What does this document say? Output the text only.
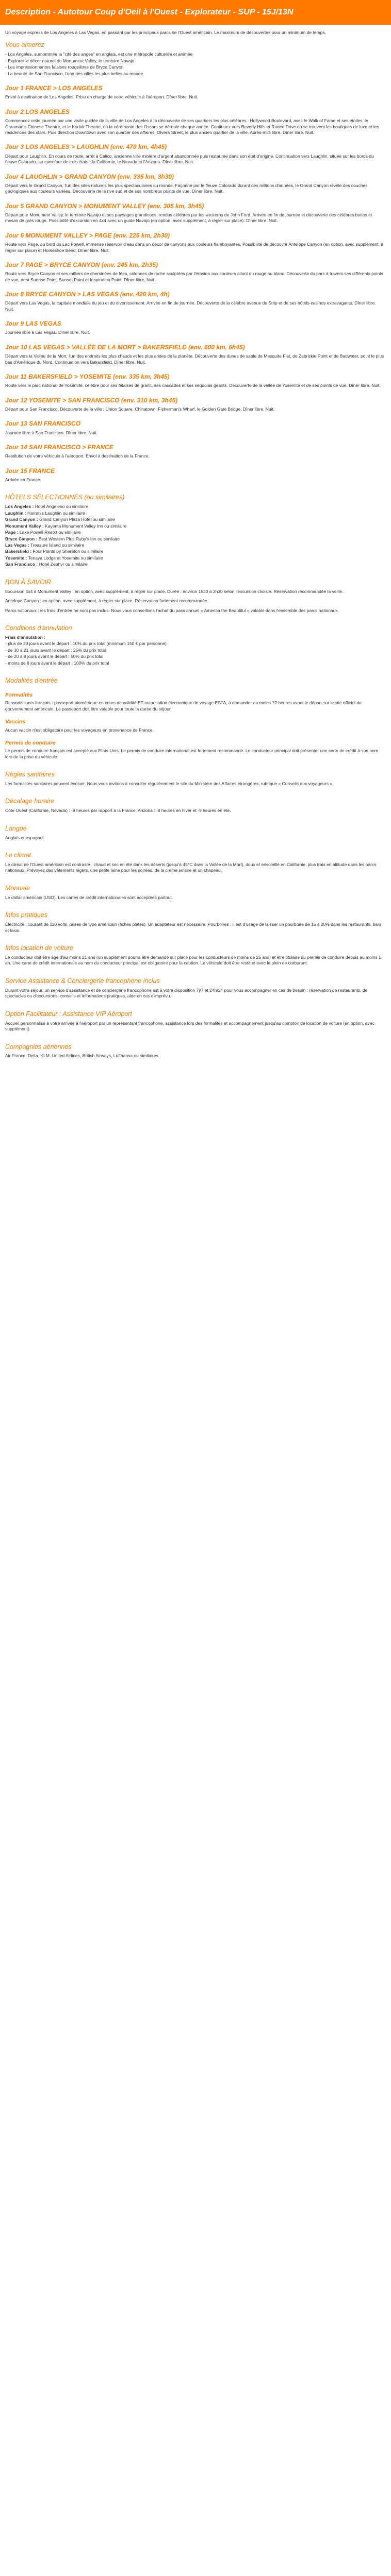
Description - Autotour Coup d'Oeil à l'Ouest - Explorateur - SUP - 15J/13N

Un voyage express de Los Angeles à Las Vegas, en passant par les principaux parcs de l'Ouest américain. Le maximum de découvertes pour un minimum de temps.

Vous aimerez
- Los Angeles, surnommée la "cité des anges" en anglais, est une métropole culturelle et animée
- Explorer le décor naturel du Monument Valley, le territoire Navajo
- Les impressionnantes falaises rougeâtres de Bryce Canyon
- La beauté de San Francisco, l'une des villes les plus belles au monde
Jour 1 FRANCE > LOS ANGELES

Envol à destination de Los Angeles. Prise en charge de votre véhicule à l'aéroport. Dîner libre. Nuit.

Jour 2 LOS ANGELES

Commencez cette journée par une visite guidée de la ville de Los Angeles à la découverte de ses quartiers les plus célèbres : Hollywood Boulevard, avec le Walk of Fame et ses étoiles, le Grauman's Chinese Theatre, et le Kodak Theatre, où la cérémonie des Oscars se déroule chaque année. Continuez vers Beverly Hills et Rodeo Drive où se trouvent les boutiques de luxe et les résidences des stars. Puis direction Downtown avec son quartier des affaires, Olvera Street, le plus ancien quartier de la ville. Après-midi libre. Dîner libre. Nuit.

Jour 3 LOS ANGELES > LAUGHLIN (env. 470 km, 4h45)

Départ pour Laughlin. En cours de route, arrêt à Calico, ancienne ville minière d'argent abandonnée puis restaurée dans son état d'origine. Continuation vers Laughlin, située sur les bords du fleuve Colorado, au carrefour de trois états : la Californie, le Nevada et l'Arizona. Dîner libre. Nuit.

Jour 4 LAUGHLIN > GRAND CANYON (env. 335 km, 3h30)

Départ vers le Grand Canyon, l'un des sites naturels les plus spectaculaires au monde. Façonné par le fleuve Colorado durant des millions d'années, le Grand Canyon révèle des couches géologiques aux couleurs variées. Découverte de la rive sud et de ses nombreux points de vue. Dîner libre. Nuit.

Jour 5 GRAND CANYON > MONUMENT VALLEY (env. 305 km, 3h45)

Départ pour Monument Valley, le territoire Navajo et ses paysages grandioses, rendus célèbres par les westerns de John Ford. Arrivée en fin de journée et découverte des célèbres buttes et mesas de grès rouge. Possibilité d'excursion en 4x4 avec un guide Navajo (en option, avec supplément, à régler sur place). Dîner libre. Nuit.

Jour 6 MONUMENT VALLEY > PAGE (env. 225 km, 2h30)

Route vers Page, au bord du Lac Powell, immense réservoir d'eau dans un décor de canyons aux couleurs flamboyantes. Possibilité de découvrir Antelope Canyon (en option, avec supplément, à régler sur place) et Horseshoe Bend. Dîner libre. Nuit.

Jour 7 PAGE > BRYCE CANYON (env. 245 km, 2h35)

Route vers Bryce Canyon et ses milliers de cheminées de fées, colonnes de roche sculptées par l'érosion aux couleurs allant du rouge au blanc. Découverte du parc à travers ses différents points de vue, dont Sunrise Point, Sunset Point et Inspiration Point. Dîner libre. Nuit.

Jour 8 BRYCE CANYON > LAS VEGAS (env. 420 km, 4h)

Départ vers Las Vegas, la capitale mondiale du jeu et du divertissement. Arrivée en fin de journée. Découverte de la célèbre avenue du Strip et de ses hôtels-casinos extravagants. Dîner libre. Nuit.

Jour 9 LAS VEGAS

Journée libre à Las Vegas. Dîner libre. Nuit.

Jour 10 LAS VEGAS > VALLÉE DE LA MORT > BAKERSFIELD (env. 600 km, 6h45)

Départ vers la Vallée de la Mort, l'un des endroits les plus chauds et les plus arides de la planète. Découverte des dunes de sable de Mesquite Flat, de Zabriskie Point et de Badwater, point le plus bas d'Amérique du Nord. Continuation vers Bakersfield. Dîner libre. Nuit.

Jour 11 BAKERSFIELD > YOSEMITE (env. 335 km, 3h45)

Route vers le parc national de Yosemite, célèbre pour ses falaises de granit, ses cascades et ses séquoias géants. Découverte de la vallée de Yosemite et de ses points de vue. Dîner libre. Nuit.

Jour 12 YOSEMITE > SAN FRANCISCO (env. 310 km, 3h45)

Départ pour San Francisco. Découverte de la ville : Union Square, Chinatown, Fisherman's Wharf, le Golden Gate Bridge. Dîner libre. Nuit.

Jour 13 SAN FRANCISCO

Journée libre à San Francisco. Dîner libre. Nuit.

Jour 14 SAN FRANCISCO > FRANCE

Restitution de votre véhicule à l'aéroport. Envol à destination de la France.

Jour 15 FRANCE

Arrivée en France.

HÔTELS SÉLECTIONNÉS (ou similaires)
Los Angeles : Hotel Angeleno ou similaire
Laughlin : Harrah's Laughlin ou similaire
Grand Canyon : Grand Canyon Plaza Hotel ou similaire
Monument Valley : Kayenta Monument Valley Inn ou similaire
Page : Lake Powell Resort ou similaire
Bryce Canyon : Best Western Plus Ruby's Inn ou similaire
Las Vegas : Treasure Island ou similaire
Bakersfield : Four Points by Sheraton ou similaire
Yosemite : Tenaya Lodge at Yosemite ou similaire
San Francisco : Hotel Zephyr ou similaire
BON À SAVOIR

Excursion 4x4 à Monument Valley : en option, avec supplément, à régler sur place. Durée : environ 1h30 à 3h30 selon l'excursion choisie. Réservation recommandée la veille.

Antelope Canyon : en option, avec supplément, à régler sur place. Réservation fortement recommandée.

Parcs nationaux : les frais d'entrée ne sont pas inclus. Nous vous conseillons l'achat du pass annuel « America the Beautiful » valable dans l'ensemble des parcs nationaux.

Conditions d'annulation
Frais d'annulation :
- plus de 30 jours avant le départ : 10% du prix total (minimum 150 € par personne)
- de 30 à 21 jours avant le départ : 25% du prix total
- de 20 à 8 jours avant le départ : 50% du prix total
- moins de 8 jours avant le départ : 100% du prix total
Modalités d'entrée
Formalités

Ressortissants français : passeport biométrique en cours de validité ET autorisation électronique de voyage ESTA, à demander au moins 72 heures avant le départ sur le site officiel du gouvernement américain. Le passeport doit être valable pour toute la durée du séjour.

Vaccins

Aucun vaccin n'est obligatoire pour les voyageurs en provenance de France.

Permis de conduire

Le permis de conduire français est accepté aux États-Unis. Le permis de conduire international est fortement recommandé. Le conducteur principal doit présenter une carte de crédit à son nom lors de la prise du véhicule.

Règles sanitaires

Les formalités sanitaires peuvent évoluer. Nous vous invitons à consulter régulièrement le site du Ministère des Affaires étrangères, rubrique « Conseils aux voyageurs ».

Décalage horaire

Côte Ouest (Californie, Nevada) : -9 heures par rapport à la France. Arizona : -8 heures en hiver et -9 heures en été.

Langue

Anglais et espagnol.

Le climat

Le climat de l'Ouest américain est contrasté : chaud et sec en été dans les déserts (jusqu'à 45°C dans la Vallée de la Mort), doux et ensoleillé en Californie, plus frais en altitude dans les parcs nationaux. Prévoyez des vêtements légers, une petite laine pour les soirées, de la crème solaire et un chapeau.

Monnaie

Le dollar américain (USD). Les cartes de crédit internationales sont acceptées partout.

Infos pratiques

Électricité : courant de 110 volts, prises de type américain (fiches plates). Un adaptateur est nécessaire. Pourboires : il est d'usage de laisser un pourboire de 15 à 20% dans les restaurants, bars et taxis.

Infos location de voiture

Le conducteur doit être âgé d'au moins 21 ans (un supplément pourra être demandé sur place pour les conducteurs de moins de 25 ans) et être titulaire du permis de conduire depuis au moins 1 an. Une carte de crédit internationale au nom du conducteur principal est obligatoire pour la caution. Le véhicule doit être restitué avec le plein de carburant.

Service Assistance & Conciergerie francophone inclus

Durant votre séjour, un service d'assistance et de conciergerie francophone est à votre disposition 7j/7 et 24h/24 pour vous accompagner en cas de besoin : réservation de restaurants, de spectacles ou d'excursions, conseils et informations pratiques, aide en cas d'imprévu.

Option Facilitateur : Assistance VIP Aéroport

Accueil personnalisé à votre arrivée à l'aéroport par un représentant francophone, assistance lors des formalités et accompagnement jusqu'au comptoir de location de voiture (en option, avec supplément).

Compagnies aériennes

Air France, Delta, KLM, United Airlines, British Airways, Lufthansa ou similaires.
